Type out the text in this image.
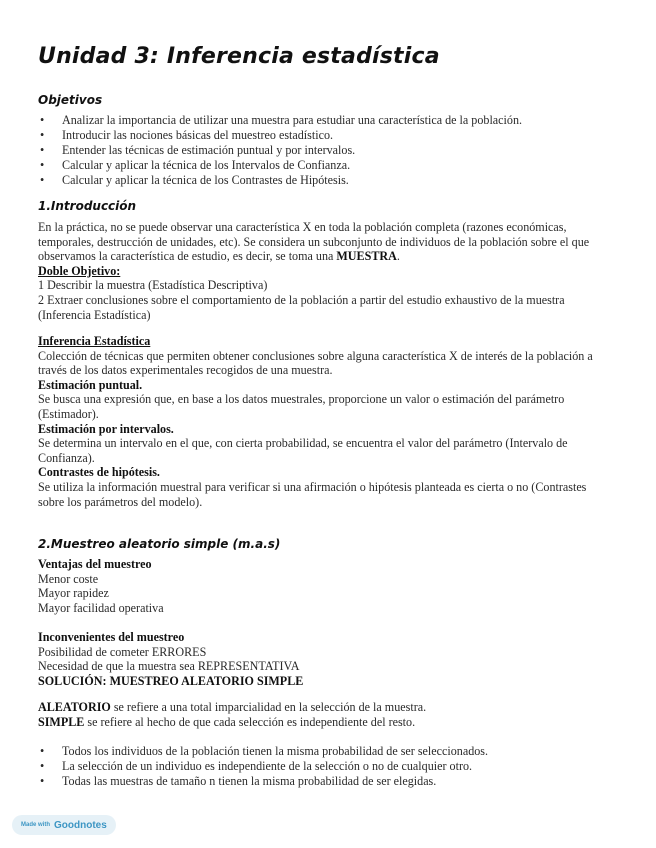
Unidad 3: Inferencia estadística
Objetivos
• Analizar la importancia de utilizar una muestra para estudiar una característica de la población.
• Introducir las nociones básicas del muestreo estadístico.
• Entender las técnicas de estimación puntual y por intervalos.
• Calcular y aplicar la técnica de los Intervalos de Confianza.
• Calcular y aplicar la técnica de los Contrastes de Hipótesis.
1.Introducción

En la práctica, no se puede observar una característica X en toda la población completa (razones económicas,

temporales, destrucción de unidades, etc). Se considera un subconjunto de individuos de la población sobre el que

observamos la característica de estudio, es decir, se toma una MUESTRA.

Doble Objetivo:

1 Describir la muestra (Estadística Descriptiva)

2 Extraer conclusiones sobre el comportamiento de la población a partir del estudio exhaustivo de la muestra

(Inferencia Estadística)

Inferencia Estadística

Colección de técnicas que permiten obtener conclusiones sobre alguna característica X de interés de la población a

través de los datos experimentales recogidos de una muestra.

Estimación puntual.

Se busca una expresión que, en base a los datos muestrales, proporcione un valor o estimación del parámetro

(Estimador).

Estimación por intervalos.

Se determina un intervalo en el que, con cierta probabilidad, se encuentra el valor del parámetro (Intervalo de

Confianza).

Contrastes de hipótesis.

Se utiliza la información muestral para verificar si una afirmación o hipótesis planteada es cierta o no (Contrastes

sobre los parámetros del modelo).

2.Muestreo aleatorio simple (m.a.s)

Ventajas del muestreo

Menor coste

Mayor rapidez

Mayor facilidad operativa

Inconvenientes del muestreo

Posibilidad de cometer ERRORES

Necesidad de que la muestra sea REPRESENTATIVA

SOLUCIÓN: MUESTREO ALEATORIO SIMPLE

ALEATORIO se refiere a una total imparcialidad en la selección de la muestra.

SIMPLE se refiere al hecho de que cada selección es independiente del resto.

• Todos los individuos de la población tienen la misma probabilidad de ser seleccionados.
• La selección de un individuo es independiente de la selección o no de cualquier otro.
• Todas las muestras de tamaño n tienen la misma probabilidad de ser elegidas.
Made with Goodnotes
